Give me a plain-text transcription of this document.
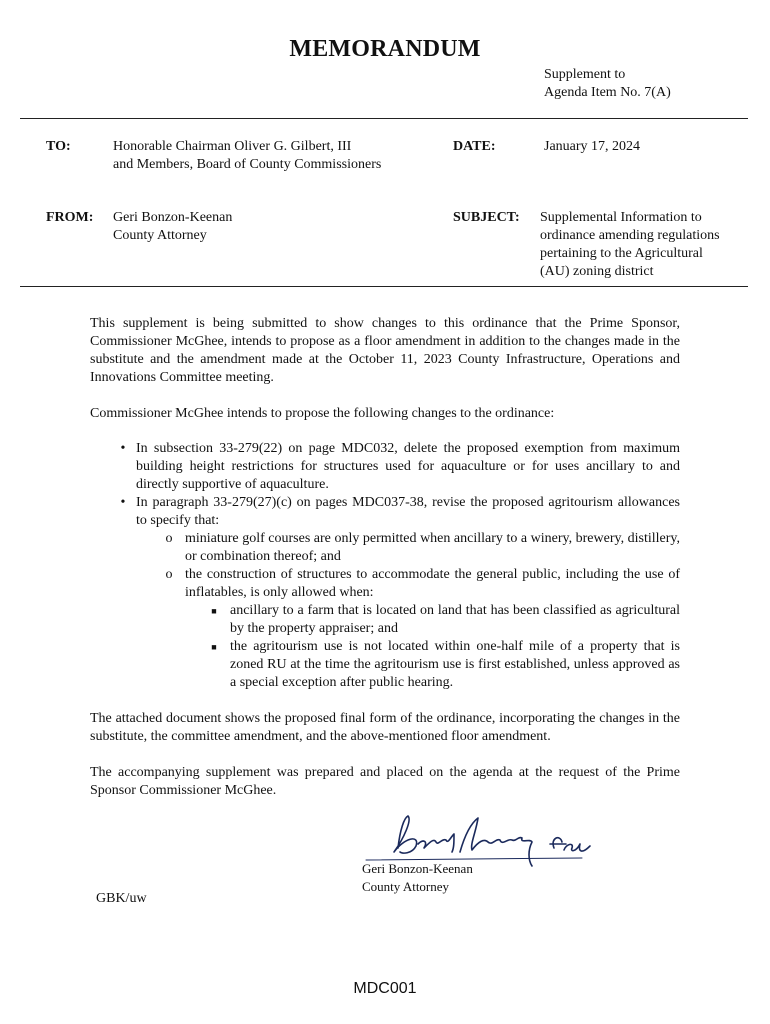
MEMORANDUM
Supplement to
Agenda Item No. 7(A)
TO:	Honorable Chairman Oliver G. Gilbert, III
and Members, Board of County Commissioners
DATE:	January 17, 2024
FROM: Geri Bonzon-Keenan
County Attorney
SUBJECT: Supplemental Information to
ordinance amending regulations
pertaining to the Agricultural
(AU) zoning district
This supplement is being submitted to show changes to this ordinance that the Prime Sponsor, Commissioner McGhee, intends to propose as a floor amendment in addition to the changes made in the substitute and the amendment made at the October 11, 2023 County Infrastructure, Operations and Innovations Committee meeting.
Commissioner McGhee intends to propose the following changes to the ordinance:
• In subsection 33-279(22) on page MDC032, delete the proposed exemption from maximum building height restrictions for structures used for aquaculture or for uses ancillary to and directly supportive of aquaculture.
• In paragraph 33-279(27)(c) on pages MDC037-38, revise the proposed agritourism allowances to specify that:
o miniature golf courses are only permitted when ancillary to a winery, brewery, distillery, or combination thereof; and
o the construction of structures to accommodate the general public, including the use of inflatables, is only allowed when:
■ ancillary to a farm that is located on land that has been classified as agricultural by the property appraiser; and
■ the agritourism use is not located within one-half mile of a property that is zoned RU at the time the agritourism use is first established, unless approved as a special exception after public hearing.
The attached document shows the proposed final form of the ordinance, incorporating the changes in the substitute, the committee amendment, and the above-mentioned floor amendment.
The accompanying supplement was prepared and placed on the agenda at the request of the Prime Sponsor Commissioner McGhee.
Geri Bonzon-Keenan
County Attorney
GBK/uw
MDC001
